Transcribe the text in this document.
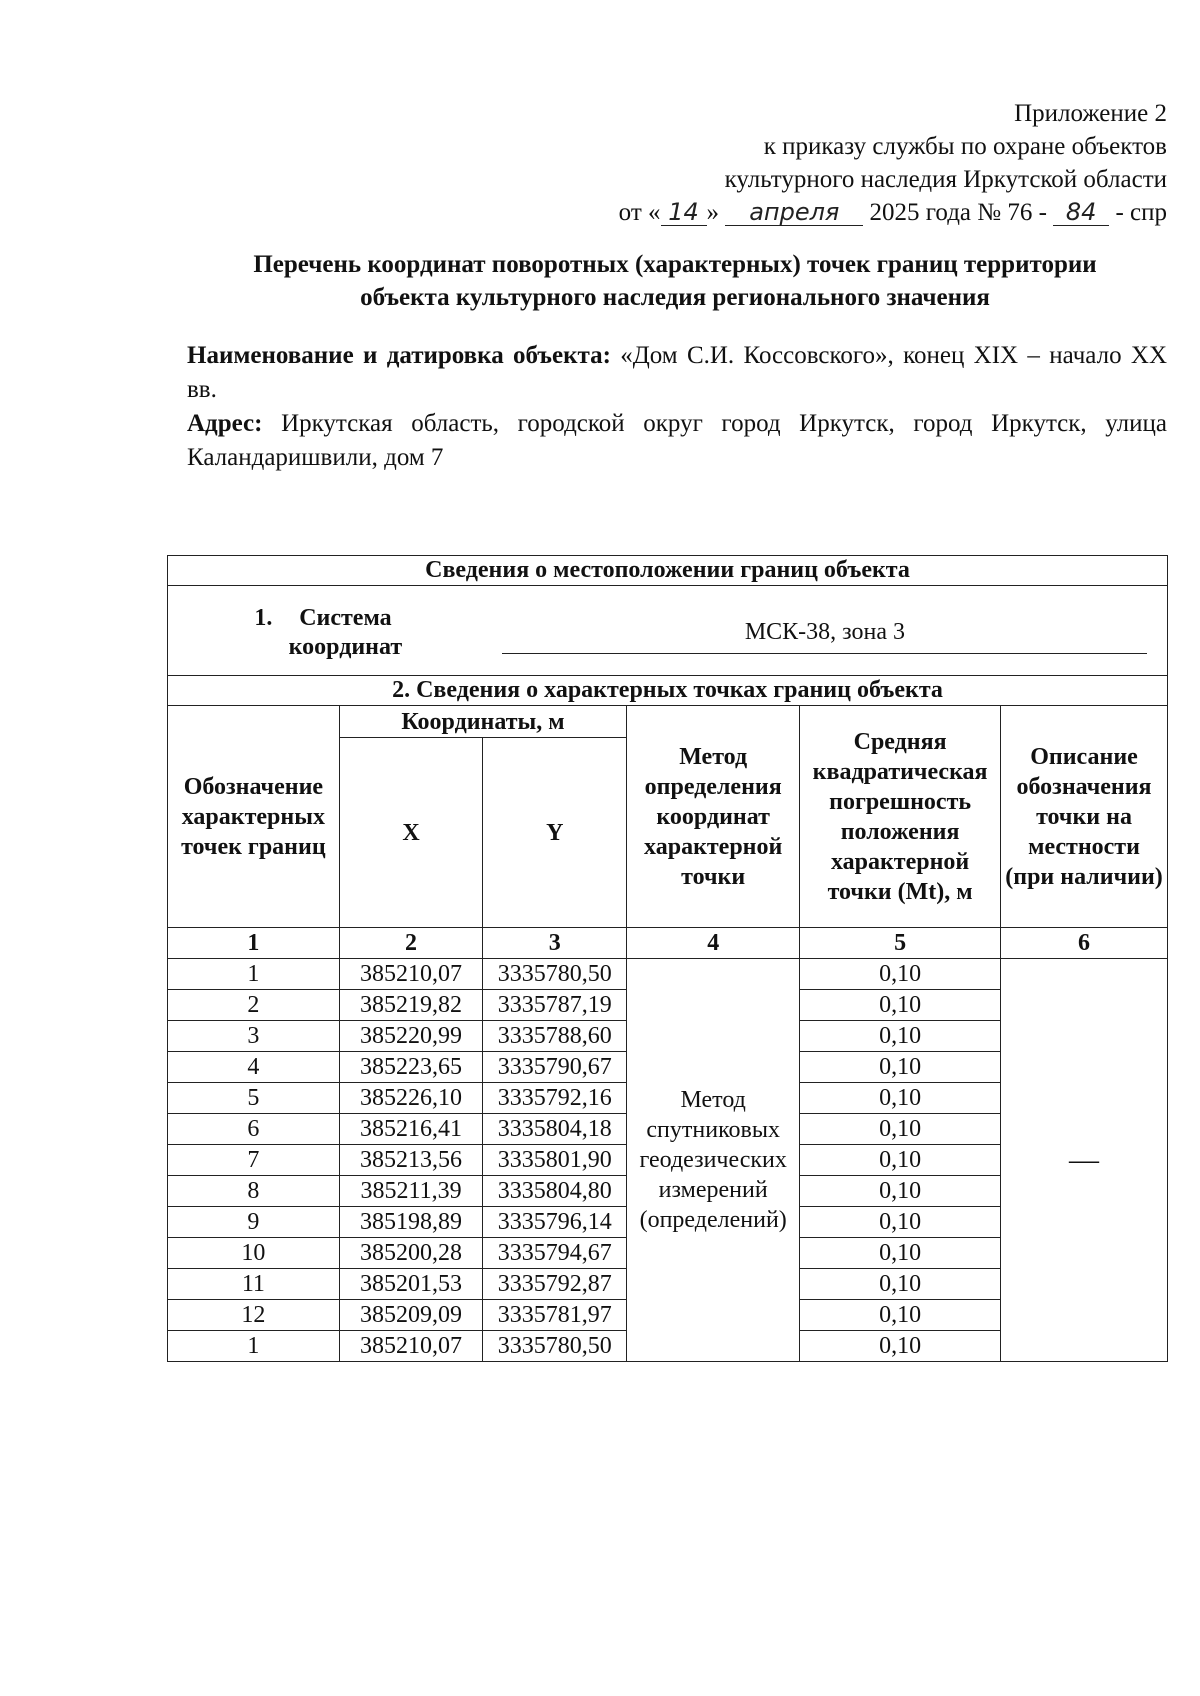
Приложение 2
к приказу службы по охране объектов
культурного наследия Иркутской области
от « 14 » апреля 2025 года № 76 - 84 - спр
Перечень координат поворотных (характерных) точек границ территории
объекта культурного наследия регионального значения

Наименование и датировка объекта: «Дом С.И. Коссовского», конец XIX – начало XX вв.

Адрес: Иркутская область, городской округ город Иркутск, город Иркутск, улица Каландаришвили, дом 7

Сведения о местоположении границ объекта					

1. Система координат		МСК-38, зона 3			

2. Сведения о характерных точках границ объекта					
Обозначение характерных точек границ	Координаты, м		Метод определения координат характерной точки	Средняя квадратическая погрешность положения характерной точки (Mt), м	Описание обозначения точки на местности (при наличии)
	X	Y			
1	2	3	4	5	6
1	385210,07	3335780,50	Метод спутниковых геодезических измерений (определений)	0,10	—
2	385219,82	3335787,19		0,10	
3	385220,99	3335788,60		0,10	
4	385223,65	3335790,67		0,10	
5	385226,10	3335792,16		0,10	
6	385216,41	3335804,18		0,10	
7	385213,56	3335801,90		0,10	
8	385211,39	3335804,80		0,10	
9	385198,89	3335796,14		0,10	
10	385200,28	3335794,67		0,10	
11	385201,53	3335792,87		0,10	
12	385209,09	3335781,97		0,10	
1	385210,07	3335780,50		0,10	
